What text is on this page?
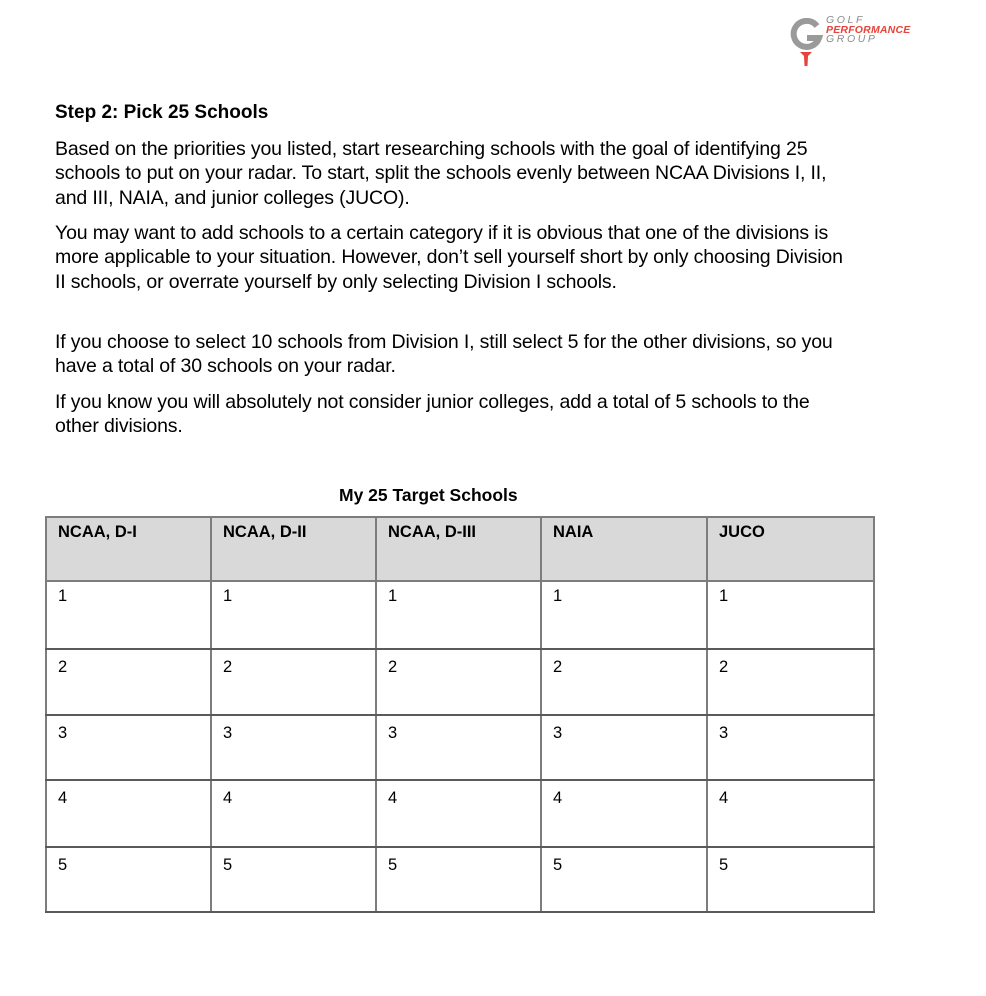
GOLF
PERFORMANCE
GROUP
Step 2: Pick 25 Schools
Based on the priorities you listed, start researching schools with the goal of identifying 25 schools to put on your radar. To start, split the schools evenly between NCAA Divisions I, II, and III, NAIA, and junior colleges (JUCO).
You may want to add schools to a certain category if it is obvious that one of the divisions is more applicable to your situation. However, don’t sell yourself short by only choosing Division II schools, or overrate yourself by only selecting Division I schools.
If you choose to select 10 schools from Division I, still select 5 for the other divisions, so you have a total of 30 schools on your radar.
If you know you will absolutely not consider junior colleges, add a total of 5 schools to the other divisions.
My 25 Target Schools
NCAA, D-I	NCAA, D-II	NCAA, D-III	NAIA	JUCO
1	1	1	1	1
2	2	2	2	2
3	3	3	3	3
4	4	4	4	4
5	5	5	5	5
